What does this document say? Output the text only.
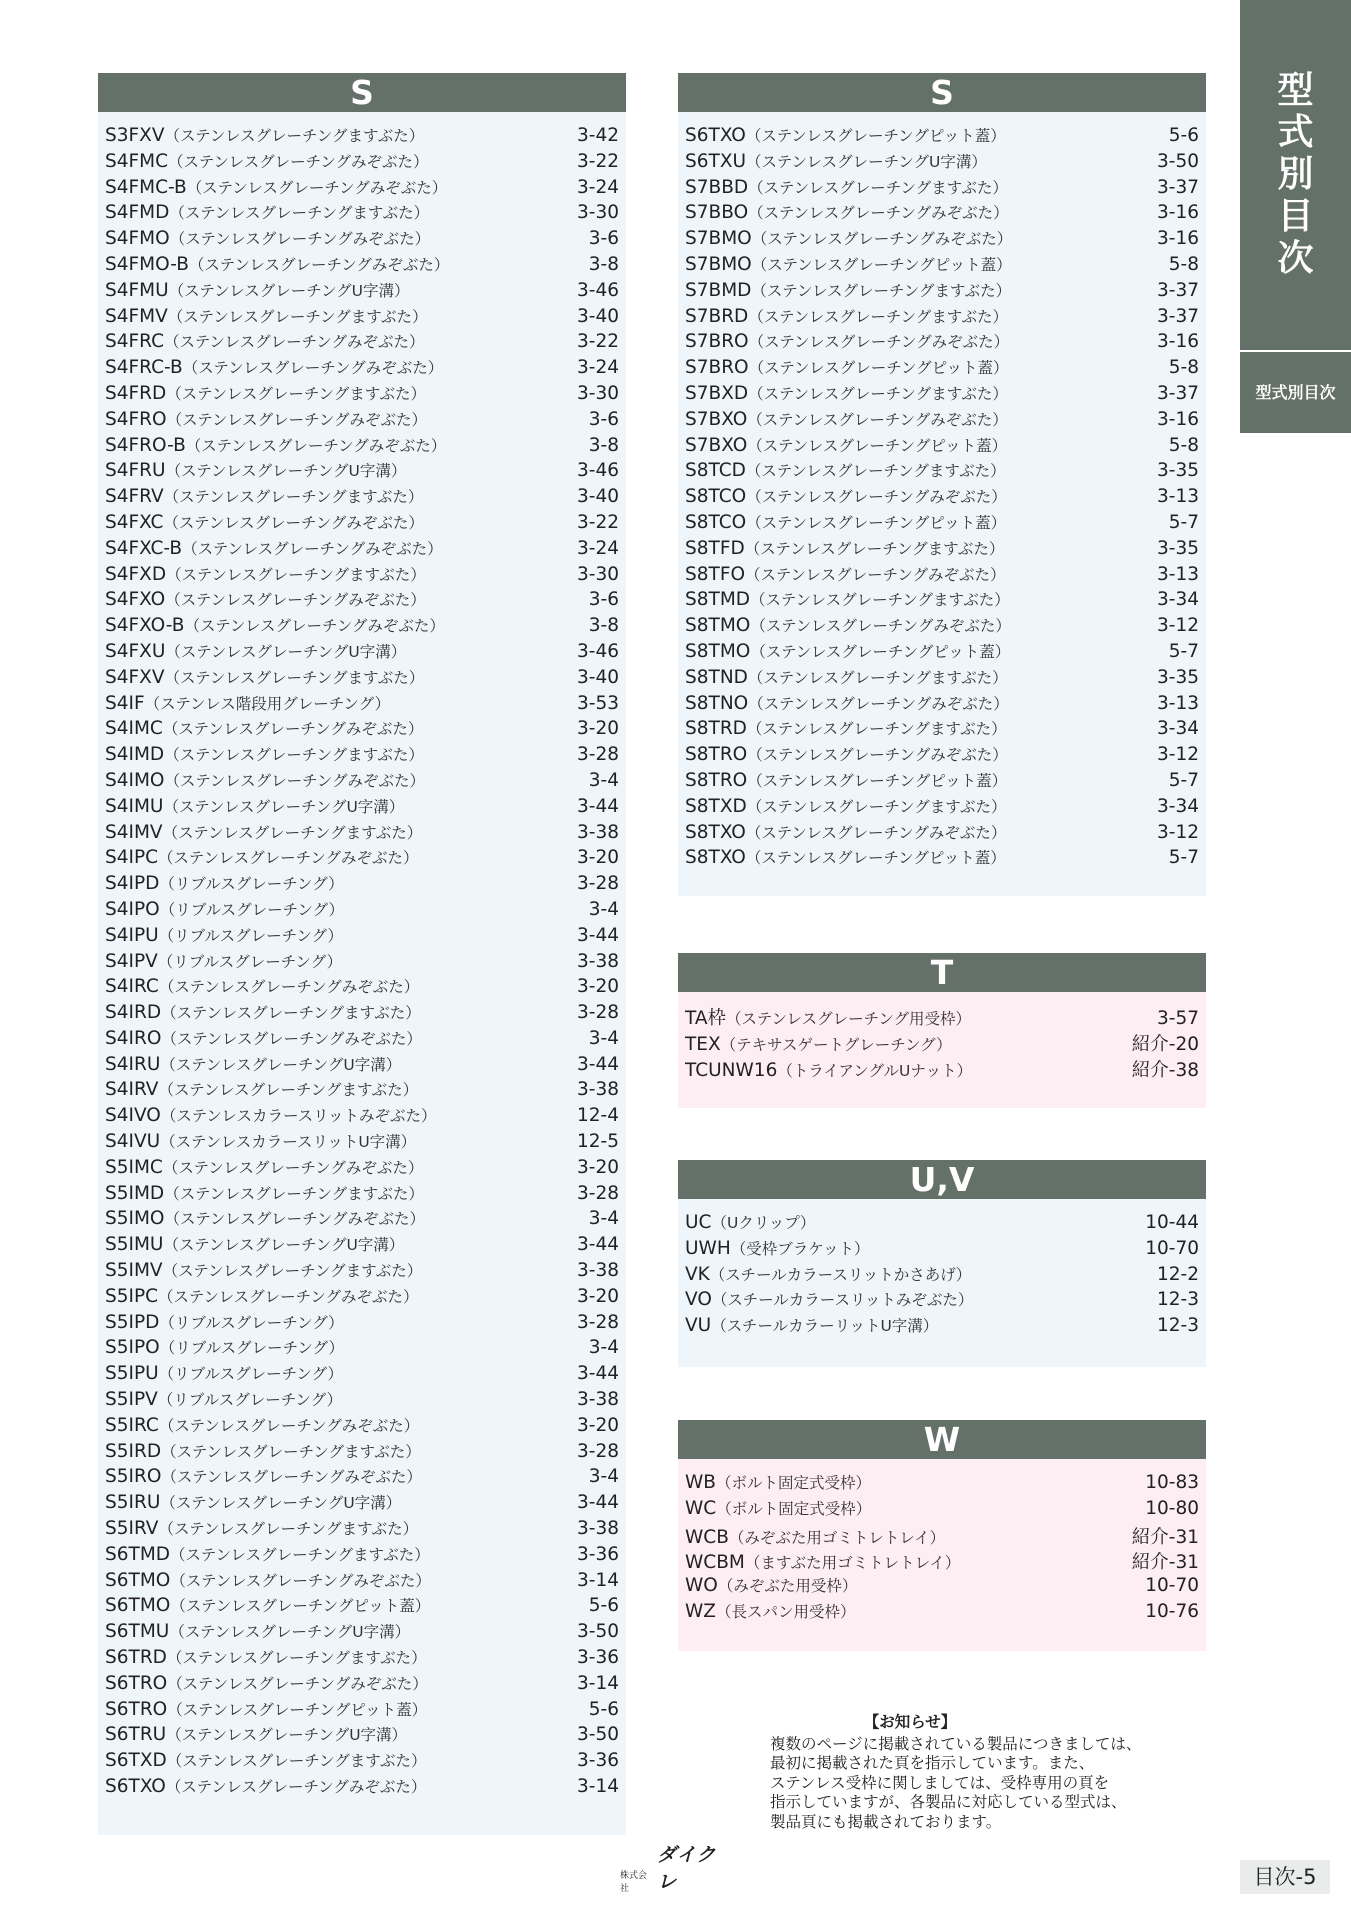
S
S3FXV（ステンレスグレーチングますぶた）	3-42
S4FMC（ステンレスグレーチングみぞぶた）	3-22
S4FMC-B（ステンレスグレーチングみぞぶた）	3-24
S4FMD（ステンレスグレーチングますぶた）	3-30
S4FMO（ステンレスグレーチングみぞぶた）	3-6
S4FMO-B（ステンレスグレーチングみぞぶた）	3-8
S4FMU（ステンレスグレーチングU字溝）	3-46
S4FMV（ステンレスグレーチングますぶた）	3-40
S4FRC（ステンレスグレーチングみぞぶた）	3-22
S4FRC-B（ステンレスグレーチングみぞぶた）	3-24
S4FRD（ステンレスグレーチングますぶた）	3-30
S4FRO（ステンレスグレーチングみぞぶた）	3-6
S4FRO-B（ステンレスグレーチングみぞぶた）	3-8
S4FRU（ステンレスグレーチングU字溝）	3-46
S4FRV（ステンレスグレーチングますぶた）	3-40
S4FXC（ステンレスグレーチングみぞぶた）	3-22
S4FXC-B（ステンレスグレーチングみぞぶた）	3-24
S4FXD（ステンレスグレーチングますぶた）	3-30
S4FXO（ステンレスグレーチングみぞぶた）	3-6
S4FXO-B（ステンレスグレーチングみぞぶた）	3-8
S4FXU（ステンレスグレーチングU字溝）	3-46
S4FXV（ステンレスグレーチングますぶた）	3-40
S4IF（ステンレス階段用グレーチング）	3-53
S4IMC（ステンレスグレーチングみぞぶた）	3-20
S4IMD（ステンレスグレーチングますぶた）	3-28
S4IMO（ステンレスグレーチングみぞぶた）	3-4
S4IMU（ステンレスグレーチングU字溝）	3-44
S4IMV（ステンレスグレーチングますぶた）	3-38
S4IPC（ステンレスグレーチングみぞぶた）	3-20
S4IPD（リブルスグレーチング）	3-28
S4IPO（リブルスグレーチング）	3-4
S4IPU（リブルスグレーチング）	3-44
S4IPV（リブルスグレーチング）	3-38
S4IRC（ステンレスグレーチングみぞぶた）	3-20
S4IRD（ステンレスグレーチングますぶた）	3-28
S4IRO（ステンレスグレーチングみぞぶた）	3-4
S4IRU（ステンレスグレーチングU字溝）	3-44
S4IRV（ステンレスグレーチングますぶた）	3-38
S4IVO（ステンレスカラースリットみぞぶた）	12-4
S4IVU（ステンレスカラースリットU字溝）	12-5
S5IMC（ステンレスグレーチングみぞぶた）	3-20
S5IMD（ステンレスグレーチングますぶた）	3-28
S5IMO（ステンレスグレーチングみぞぶた）	3-4
S5IMU（ステンレスグレーチングU字溝）	3-44
S5IMV（ステンレスグレーチングますぶた）	3-38
S5IPC（ステンレスグレーチングみぞぶた）	3-20
S5IPD（リブルスグレーチング）	3-28
S5IPO（リブルスグレーチング）	3-4
S5IPU（リブルスグレーチング）	3-44
S5IPV（リブルスグレーチング）	3-38
S5IRC（ステンレスグレーチングみぞぶた）	3-20
S5IRD（ステンレスグレーチングますぶた）	3-28
S5IRO（ステンレスグレーチングみぞぶた）	3-4
S5IRU（ステンレスグレーチングU字溝）	3-44
S5IRV（ステンレスグレーチングますぶた）	3-38
S6TMD（ステンレスグレーチングますぶた）	3-36
S6TMO（ステンレスグレーチングみぞぶた）	3-14
S6TMO（ステンレスグレーチングピット蓋）	5-6
S6TMU（ステンレスグレーチングU字溝）	3-50
S6TRD（ステンレスグレーチングますぶた）	3-36
S6TRO（ステンレスグレーチングみぞぶた）	3-14
S6TRO（ステンレスグレーチングピット蓋）	5-6
S6TRU（ステンレスグレーチングU字溝）	3-50
S6TXD（ステンレスグレーチングますぶた）	3-36
S6TXO（ステンレスグレーチングみぞぶた）	3-14
S
S6TXO（ステンレスグレーチングピット蓋）	5-6
S6TXU（ステンレスグレーチングU字溝）	3-50
S7BBD（ステンレスグレーチングますぶた）	3-37
S7BBO（ステンレスグレーチングみぞぶた）	3-16
S7BMO（ステンレスグレーチングみぞぶた）	3-16
S7BMO（ステンレスグレーチングピット蓋）	5-8
S7BMD（ステンレスグレーチングますぶた）	3-37
S7BRD（ステンレスグレーチングますぶた）	3-37
S7BRO（ステンレスグレーチングみぞぶた）	3-16
S7BRO（ステンレスグレーチングピット蓋）	5-8
S7BXD（ステンレスグレーチングますぶた）	3-37
S7BXO（ステンレスグレーチングみぞぶた）	3-16
S7BXO（ステンレスグレーチングピット蓋）	5-8
S8TCD（ステンレスグレーチングますぶた）	3-35
S8TCO（ステンレスグレーチングみぞぶた）	3-13
S8TCO（ステンレスグレーチングピット蓋）	5-7
S8TFD（ステンレスグレーチングますぶた）	3-35
S8TFO（ステンレスグレーチングみぞぶた）	3-13
S8TMD（ステンレスグレーチングますぶた）	3-34
S8TMO（ステンレスグレーチングみぞぶた）	3-12
S8TMO（ステンレスグレーチングピット蓋）	5-7
S8TND（ステンレスグレーチングますぶた）	3-35
S8TNO（ステンレスグレーチングみぞぶた）	3-13
S8TRD（ステンレスグレーチングますぶた）	3-34
S8TRO（ステンレスグレーチングみぞぶた）	3-12
S8TRO（ステンレスグレーチングピット蓋）	5-7
S8TXD（ステンレスグレーチングますぶた）	3-34
S8TXO（ステンレスグレーチングみぞぶた）	3-12
S8TXO（ステンレスグレーチングピット蓋）	5-7
T
TA枠（ステンレスグレーチング用受枠）	3-57
TEX（テキサスゲートグレーチング）	紹介-20
TCUNW16（トライアングルUナット）	紹介-38
U,V
UC（Uクリップ）	10-44
UWH（受枠ブラケット）	10-70
VK（スチールカラースリットかさあげ）	12-2
VO（スチールカラースリットみぞぶた）	12-3
VU（スチールカラーリットU字溝）	12-3
W
WB（ボルト固定式受枠）	10-83
WC（ボルト固定式受枠）	10-80
WCB（みぞぶた用ゴミトレトレイ）	紹介-31
WCBM（ますぶた用ゴミトレトレイ）	紹介-31
WO（みぞぶた用受枠）	10-70
WZ（長スパン用受枠）	10-76
型
式
別
目
次
型式別目次
【お知らせ】
複数のページに掲載されている製品につきましては、
最初に掲載された頁を指示しています。また、
ステンレス受枠に関しましては、受枠専用の頁を
指示していますが、各製品に対応している型式は、
製品頁にも掲載されております。
株式会社
ダイクレ	目次-5
